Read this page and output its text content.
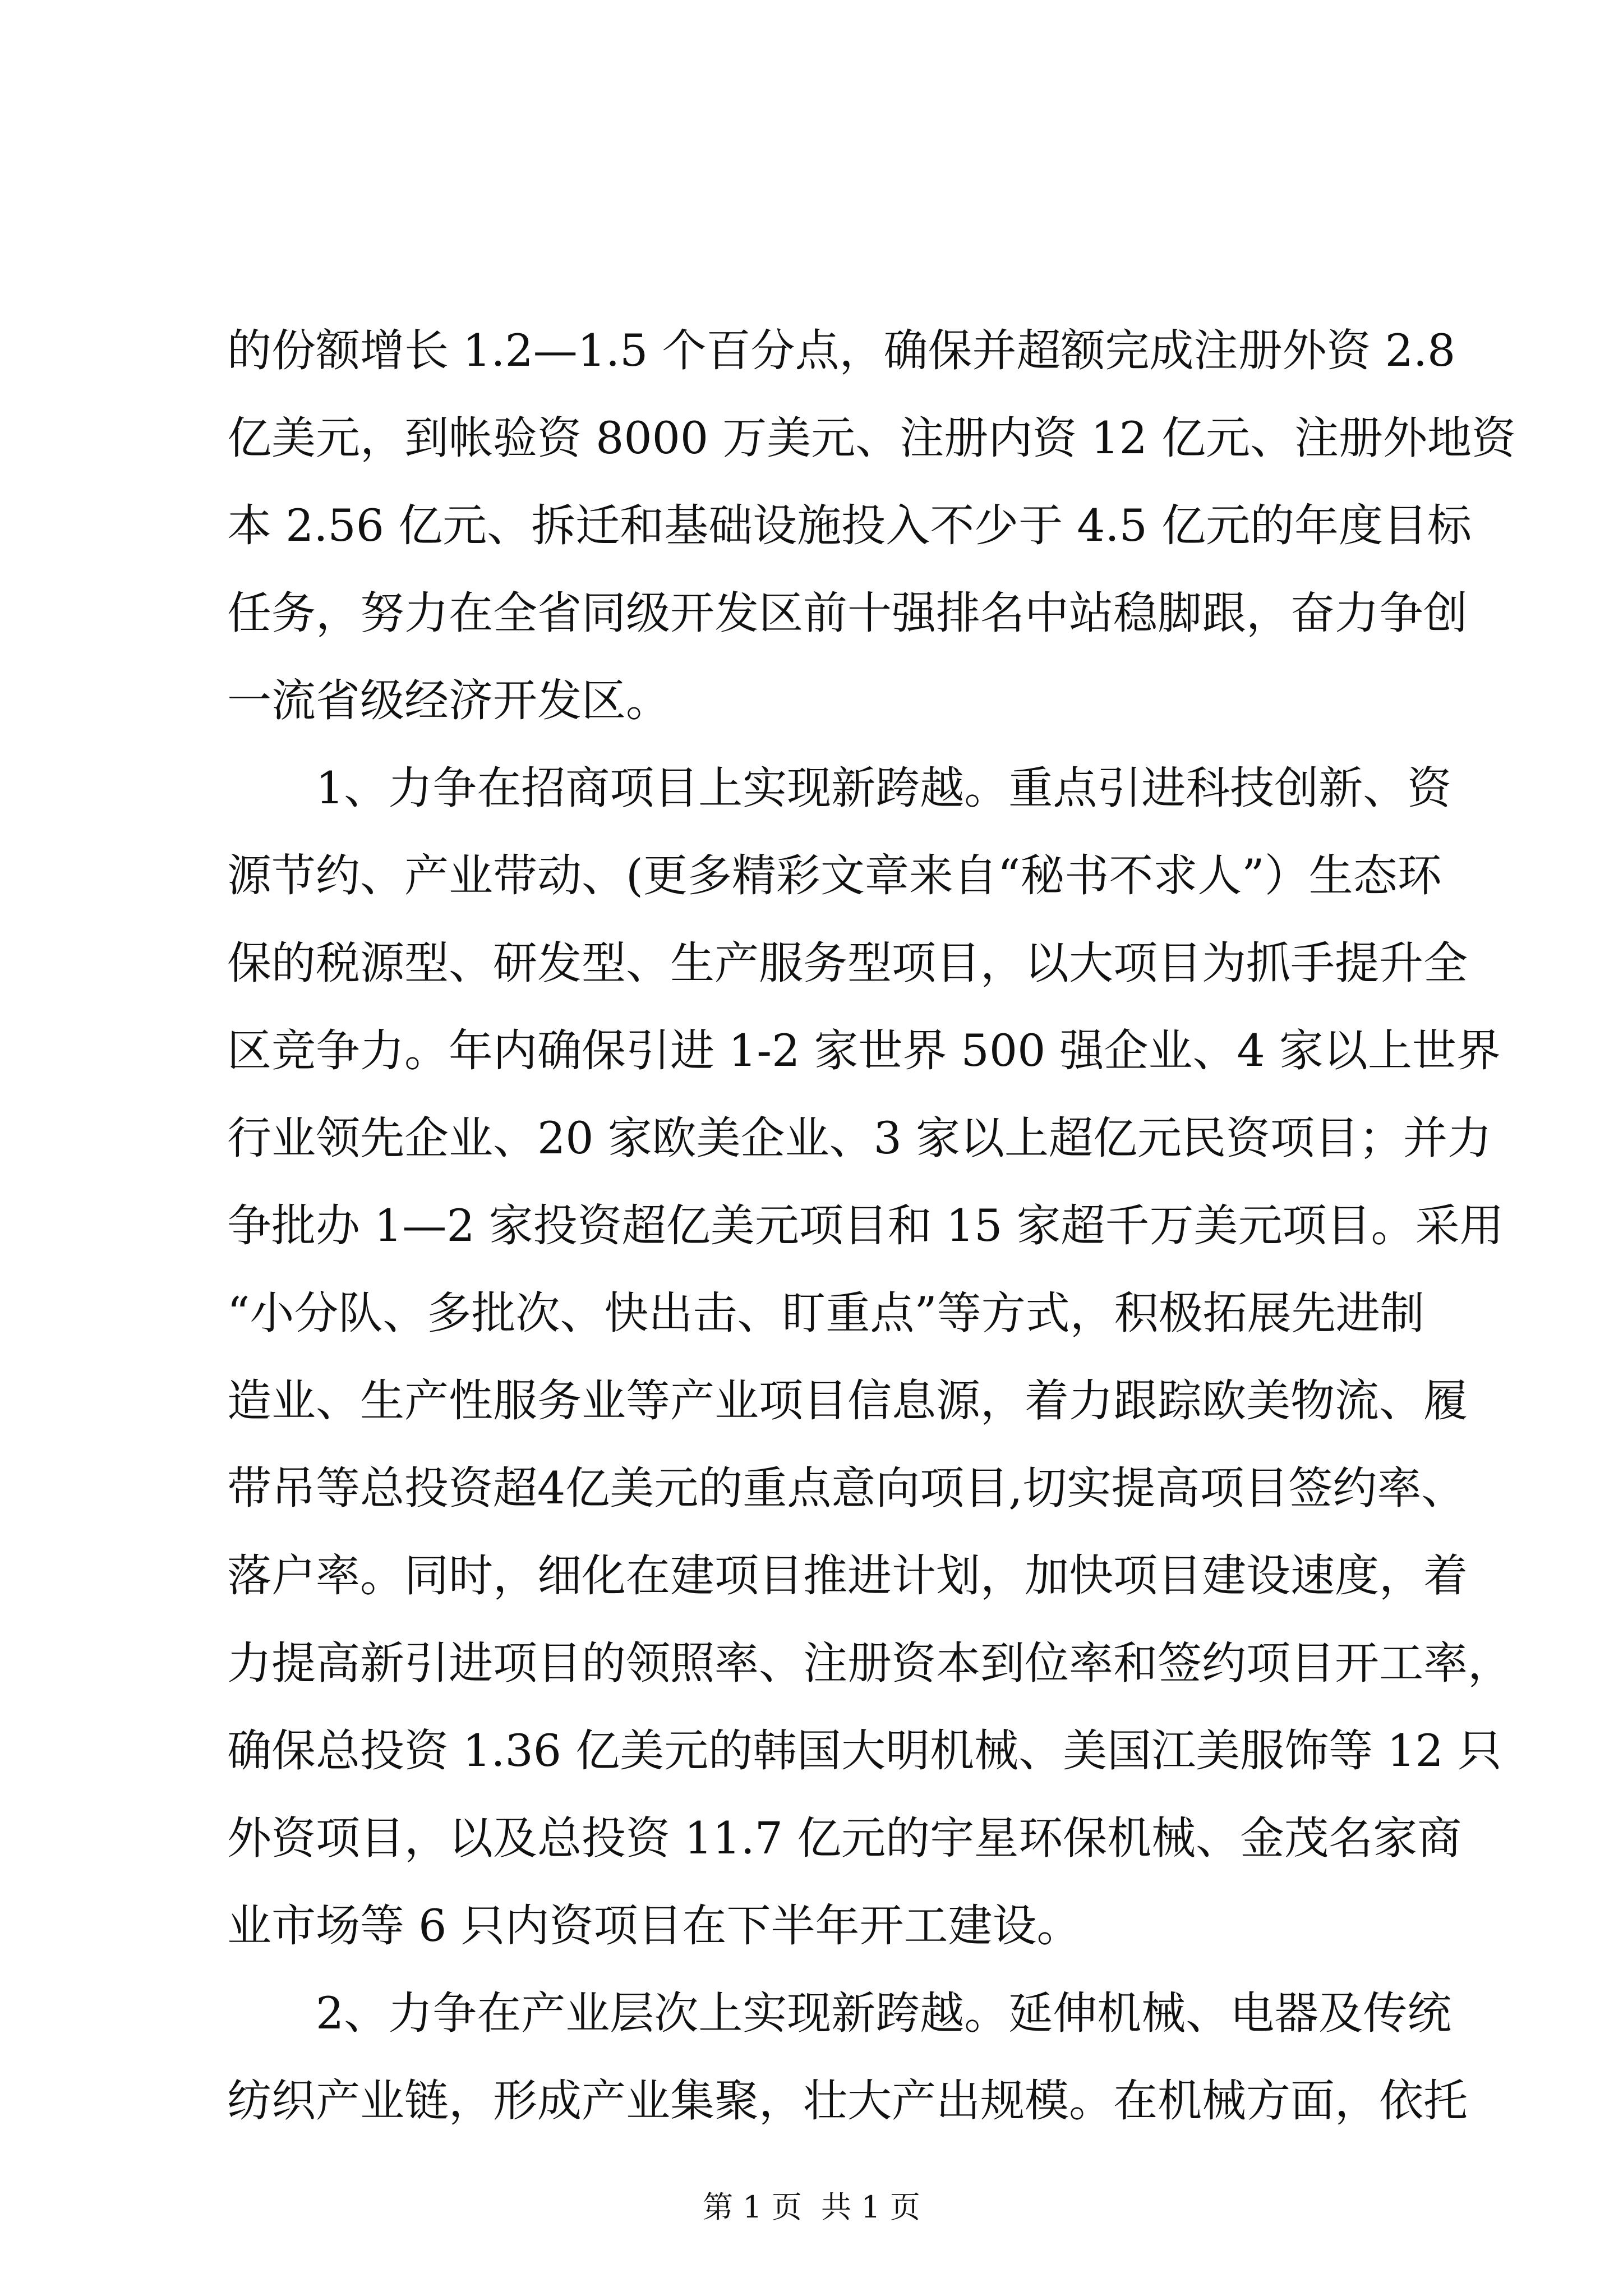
的份额增长 1.2—1.5 个百分点，确保并超额完成注册外资 2.8
亿美元，到帐验资 8000 万美元、注册内资 12 亿元、注册外地资
本 2.56 亿元、拆迁和基础设施投入不少于 4.5 亿元的年度目标
任务，努力在全省同级开发区前十强排名中站稳脚跟，奋力争创
一流省级经济开发区。
1、力争在招商项目上实现新跨越。重点引进科技创新、资
源节约、产业带动、(更多精彩文章来自“秘书不求人”）生态环
保的税源型、研发型、生产服务型项目，以大项目为抓手提升全
区竞争力。年内确保引进 1-2 家世界 500 强企业、4 家以上世界
行业领先企业、20 家欧美企业、3 家以上超亿元民资项目；并力
争批办 1—2 家投资超亿美元项目和 15 家超千万美元项目。采用
“小分队、多批次、快出击、盯重点”等方式，积极拓展先进制
造业、生产性服务业等产业项目信息源，着力跟踪欧美物流、履
带吊等总投资超4亿美元的重点意向项目,切实提高项目签约率、
落户率。同时，细化在建项目推进计划，加快项目建设速度，着
力提高新引进项目的领照率、注册资本到位率和签约项目开工率，
确保总投资 1.36 亿美元的韩国大明机械、美国江美服饰等 12 只
外资项目，以及总投资 11.7 亿元的宇星环保机械、金茂名家商
业市场等 6 只内资项目在下半年开工建设。
2、力争在产业层次上实现新跨越。延伸机械、电器及传统
纺织产业链，形成产业集聚，壮大产出规模。在机械方面，依托
第 1 页 共 1 页
